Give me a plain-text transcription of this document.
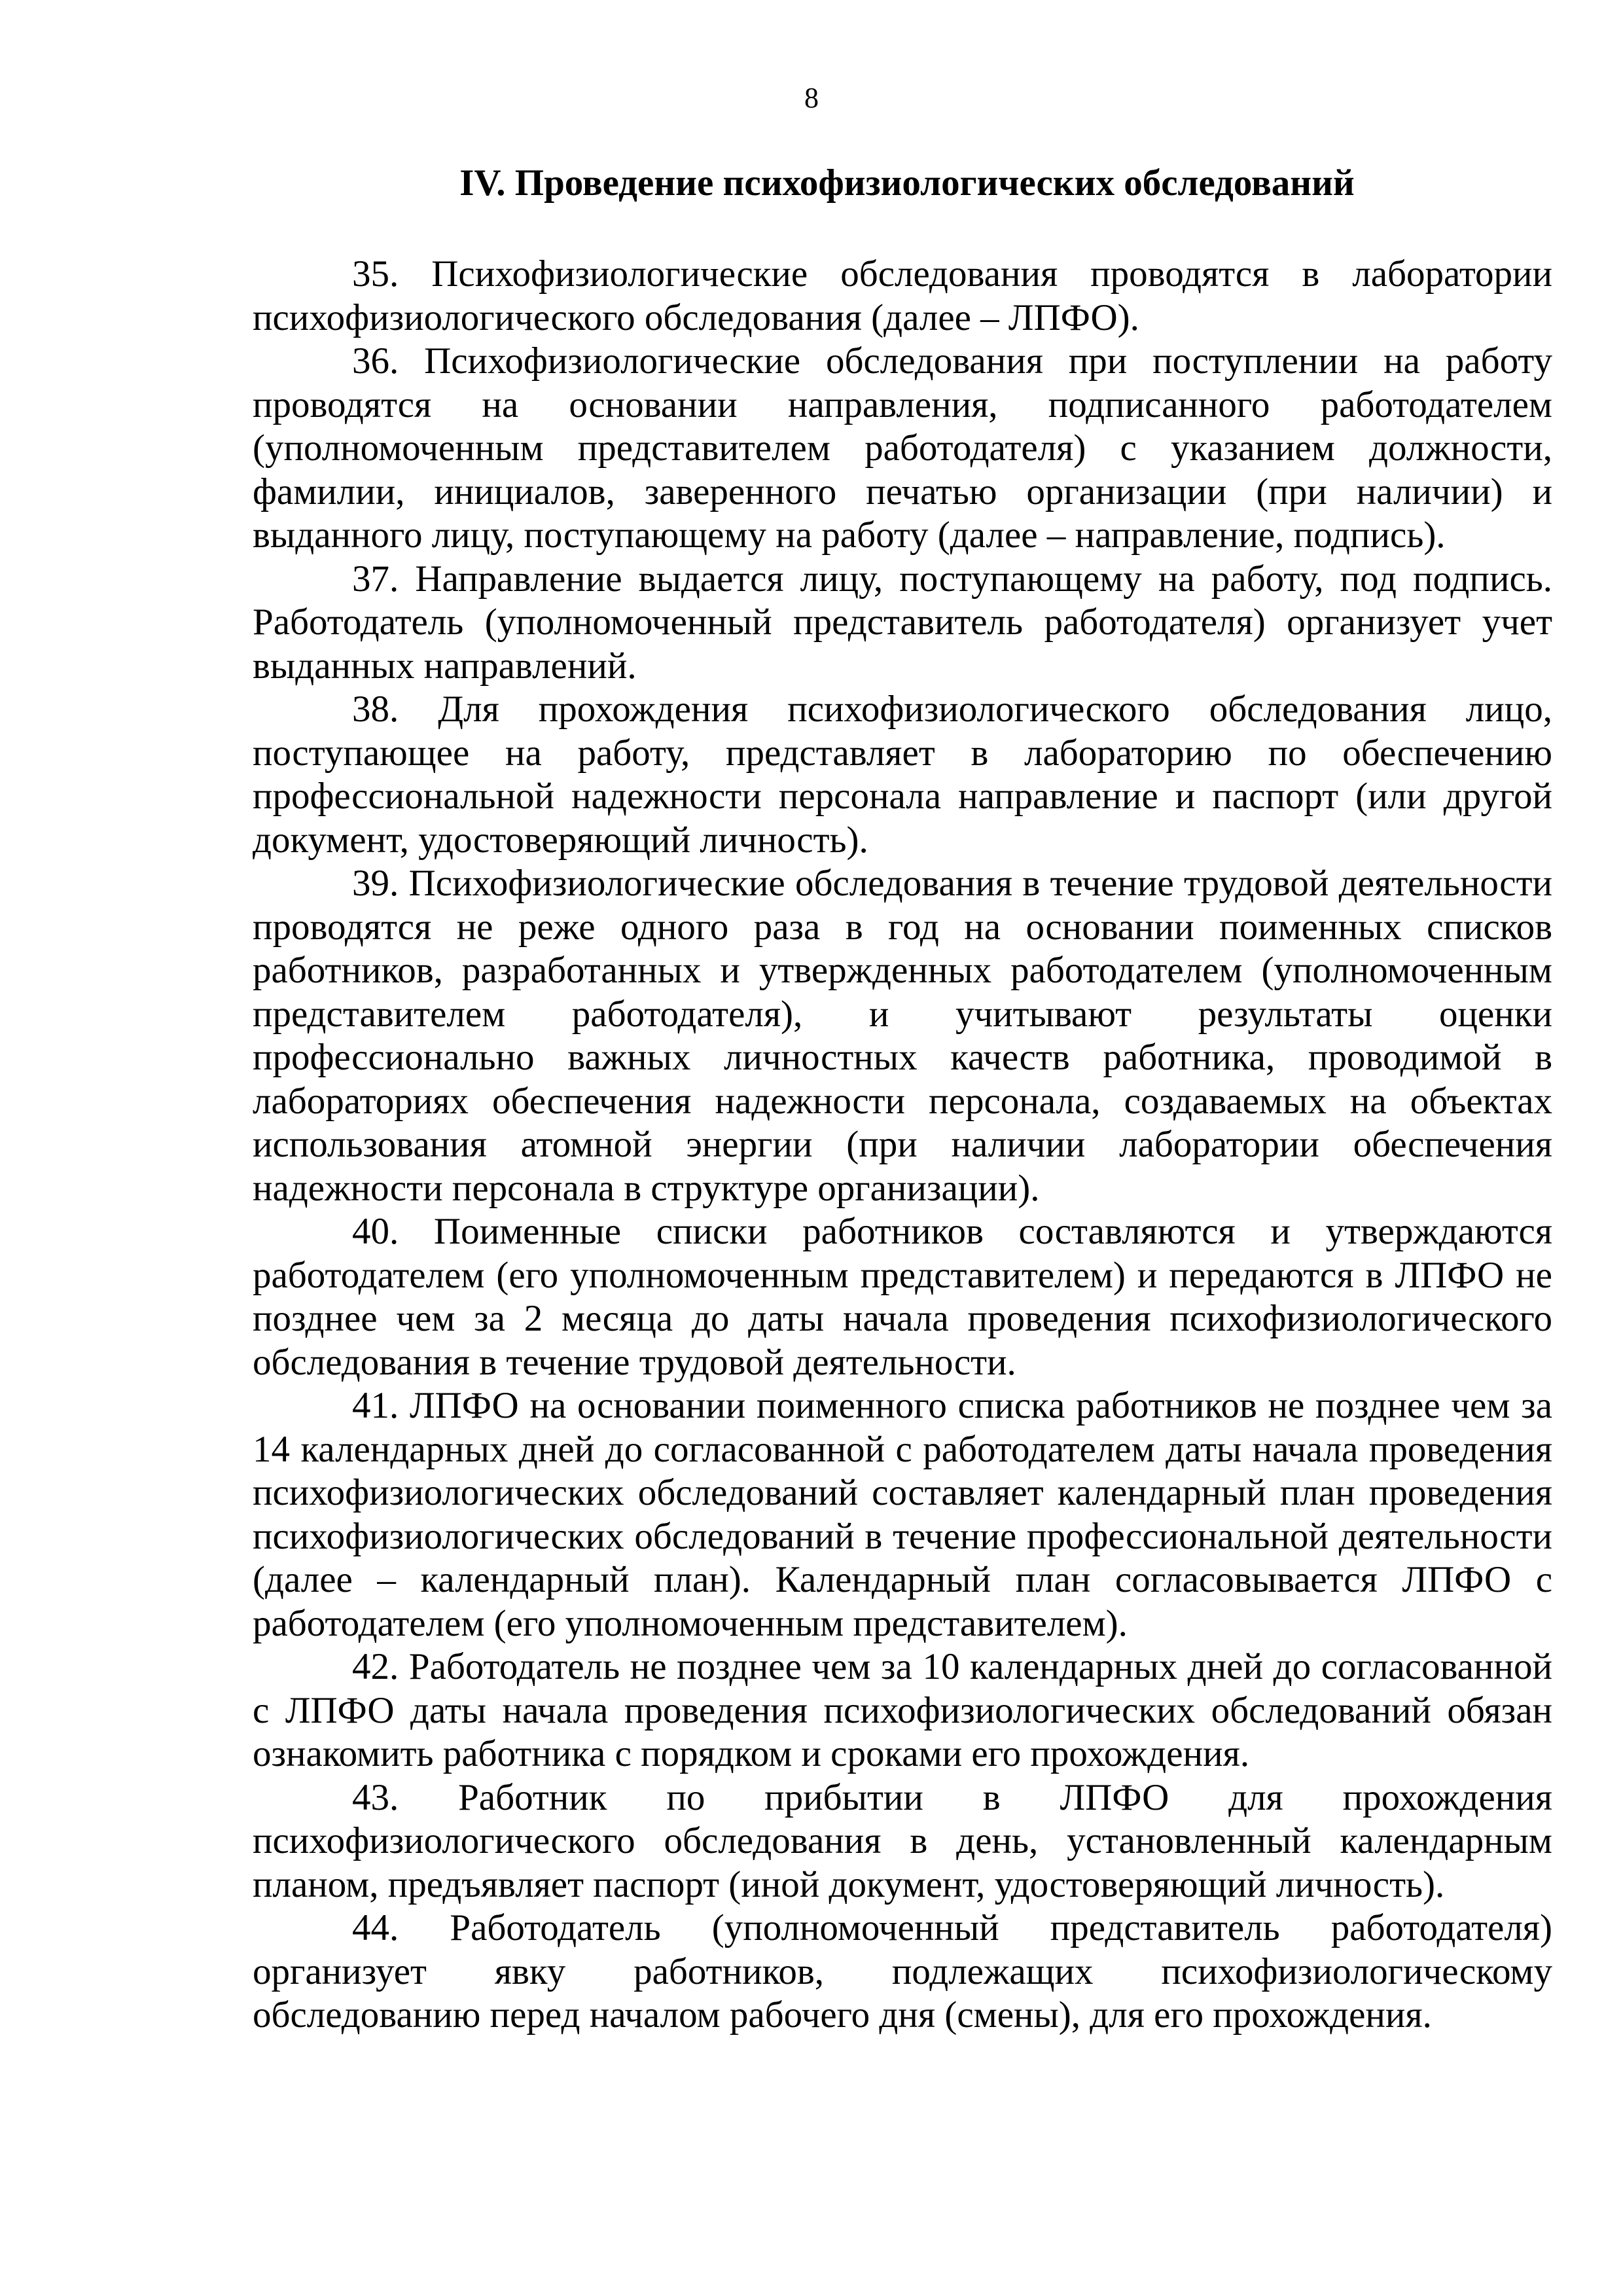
8
IV. Проведение психофизиологических обследований

35. Психофизиологические обследования проводятся в лаборатории психофизиологического обследования (далее – ЛПФО).

36. Психофизиологические обследования при поступлении на работу проводятся на основании направления, подписанного работодателем (уполномоченным представителем работодателя) с указанием должности, фамилии, инициалов, заверенного печатью организации (при наличии) и выданного лицу, поступающему на работу (далее – направление, подпись).

37. Направление выдается лицу, поступающему на работу, под подпись. Работодатель (уполномоченный представитель работодателя) организует учет выданных направлений.

38. Для прохождения психофизиологического обследования лицо, поступающее на работу, представляет в лабораторию по обеспечению профессиональной надежности персонала направление и паспорт (или другой документ, удостоверяющий личность).

39. Психофизиологические обследования в течение трудовой деятельности проводятся не реже одного раза в год на основании поименных списков работников, разработанных и утвержденных работодателем (уполномоченным представителем работодателя), и учитывают результаты оценки профессионально важных личностных качеств работника, проводимой в лабораториях обеспечения надежности персонала, создаваемых на объектах использования атомной энергии (при наличии лаборатории обеспечения надежности персонала в структуре организации).

40. Поименные списки работников составляются и утверждаются работодателем (его уполномоченным представителем) и передаются в ЛПФО не позднее чем за 2 месяца до даты начала проведения психофизиологического обследования в течение трудовой деятельности.

41. ЛПФО на основании поименного списка работников не позднее чем за 14 календарных дней до согласованной с работодателем даты начала проведения психофизиологических обследований составляет календарный план проведения психофизиологических обследований в течение профессиональной деятельности (далее – календарный план). Календарный план согласовывается ЛПФО с работодателем (его уполномоченным представителем).

42. Работодатель не позднее чем за 10 календарных дней до согласованной с ЛПФО даты начала проведения психофизиологических обследований обязан ознакомить работника с порядком и сроками его прохождения.

43. Работник по прибытии в ЛПФО для прохождения психофизиологического обследования в день, установленный календарным планом, предъявляет паспорт (иной документ, удостоверяющий личность).

44. Работодатель (уполномоченный представитель работодателя) организует явку работников, подлежащих психофизиологическому обследованию перед началом рабочего дня (смены), для его прохождения.
